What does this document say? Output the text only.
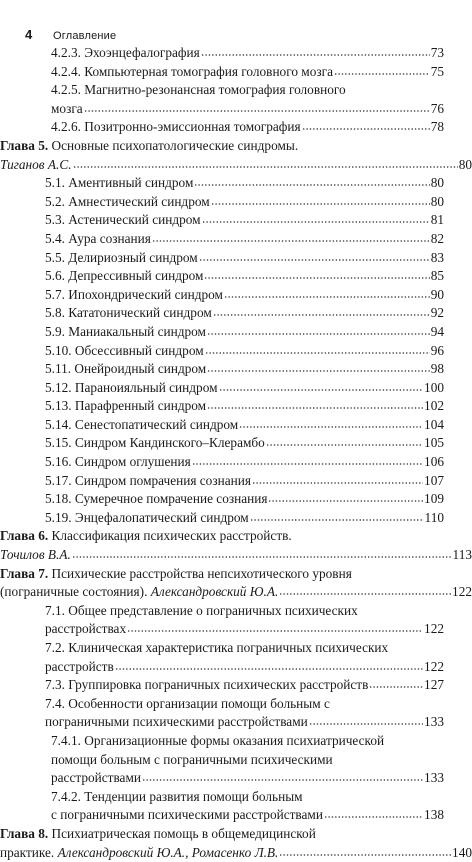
4	Оглавление
4.2.3. Эхоэнцефалография	73
4.2.4. Компьютерная томография головного мозга	75
4.2.5. Магнитно-резонансная томография головного
мозга	76
4.2.6. Позитронно-эмиссионная томография	78
Глава 5. Основные психопатологические синдромы.
Тиганов А.С.	80
5.1. Аментивный синдром	80
5.2. Амнестический синдром	80
5.3. Астенический синдром	81
5.4. Аура сознания	82
5.5. Делириозный синдром	83
5.6. Депрессивный синдром	85
5.7. Ипохондрический синдром	90
5.8. Кататонический синдром	92
5.9. Маниакальный синдром	94
5.10. Обсессивный синдром	96
5.11. Онейроидный синдром	98
5.12. Параноияльный синдром	100
5.13. Парафренный синдром	102
5.14. Сенестопатический синдром	104
5.15. Синдром Кандинского–Клерамбо	105
5.16. Синдром оглушения	106
5.17. Синдром помрачения сознания	107
5.18. Сумеречное помрачение сознания	109
5.19. Энцефалопатический синдром	110
Глава 6. Классификация психических расстройств.
Точилов В.А.	113
Глава 7. Психические расстройства непсихотического уровня
(пограничные состояния). Александровский Ю.А.	122
7.1. Общее представление о пограничных психических
расстройствах	122
7.2. Клиническая характеристика пограничных психических
расстройств	122
7.3. Группировка пограничных психических расстройств	127
7.4. Особенности организации помощи больным с
пограничными психическими расстройствами	133
7.4.1. Организационные формы оказания психиатрической
помощи больным с пограничными психическими
расстройствами	133
7.4.2. Тенденции развития помощи больным
с пограничными психическими расстройствами	138
Глава 8. Психиатрическая помощь в общемедицинской
практике. Александровский Ю.А., Ромасенко Л.В.	140
